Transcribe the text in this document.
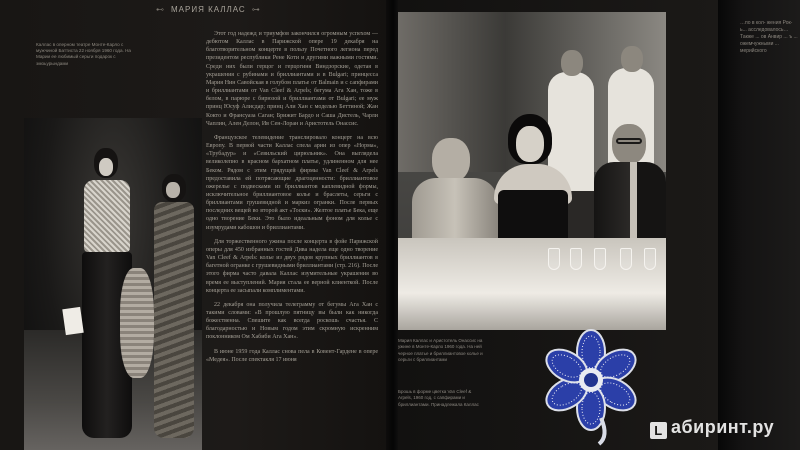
⊷ МАРИЯ КАЛЛАС ⊶
Каллас в оперном театре Монте-Карло с мужчиной Баттиста 22 ноября 1960 года. На Марии ее любимый серьги подарок с эмоьурындами

Этот год надежд и триумфов закончился огромным успехом — дебютом Каллас в Парижской опере 19 декабря на благотворительном концерте в пользу Почетного легиона перед президентом республики Рене Коти и другими важными гостями. Среди них были герцог и герцогиня Виндзорские, одетая в украшения с рубинами и бриллиантами и в Bulgari; принцесса Мария Нин Савойская в голубом платье от Balmain и с сапфирами и бриллиантами от Van Cleef & Arpels; бегума Ага Хан, тоже в белом, в парюре с бирюзой и бриллиантами от Bulgari; ее муж принц Юсуф Алисдар; принц Али Хан с моделью Беттиной; Жан Кокто и Франсуаза Саган; Брижит Бардо и Саша Дистель, Чарли Чаплин, Ален Делон, Ив Сен-Лоран и Аристотель Онассис.

Французское телевидение транслировало концерт на всю Европу. В первой части Каллас спела арии из опер «Норма», «Трубадур» и «Севильский цирюльник». Она выглядела великолепно в красном бархатном платье, удлиненном для нее Беком. Рядом с этим грядущей фирмы Van Cleef & Arpels предоставила ей потрясающие драгоценности: бриллиантовое ожерелье с подвесками из бриллиантов каплевидной формы, исключительное бриллиантовое колье и браслеты, серьги с бриллиантами грушевидной и маркиз огранки. После первых последних вещей во второй акт «Тоски». Желтое платье Бека, еще одно творение Беки. Это было идеальным фоном для колье с изумрудами кабошон и бриллиантами.

Для торжественного ужина после концерта в фойе Парижской оперы для 450 избранных гостей Дива надела еще одно творение Van Cleef & Arpels: колье из двух рядов крупных бриллиантов в багетной огранке с грушевидными бриллиантами (стр. 216). После этого фирма часто давала Каллас изумительные украшения во время ее выступлений. Мария стала ее верной клиенткой. После концерта ее засыпали комплиментами.

22 декабря она получила телеграмму от бегумы Ага Хан с такими словами: «В прошлую пятницу вы были как никогда божественна. Спешите как всегда роскошь счастья. С благодарностью и Новым годом этим скромную искренним поклонником Ом Хабиби Ага Хан».

В июне 1959 года Каллас снова пела в Ковент-Гардене в опере «Медея». После спектакля 17 июня

Мария Каллас и Аристотель Онассис на ужине в Монте-Карло 1960 года. На ней черное платье и бриллиантовое колье и серьги с бриллиантами
Брошь в форме цветка Van Cleef & Arpels, 1960 год, с сапфирами и бриллиантами. Принадлежала Каллас
…по в кол- жения Рок- ь... асследовалось… Также ... ов Анвир ... ъ ... ожемчужными ... мерийского
L абиринт.ру
